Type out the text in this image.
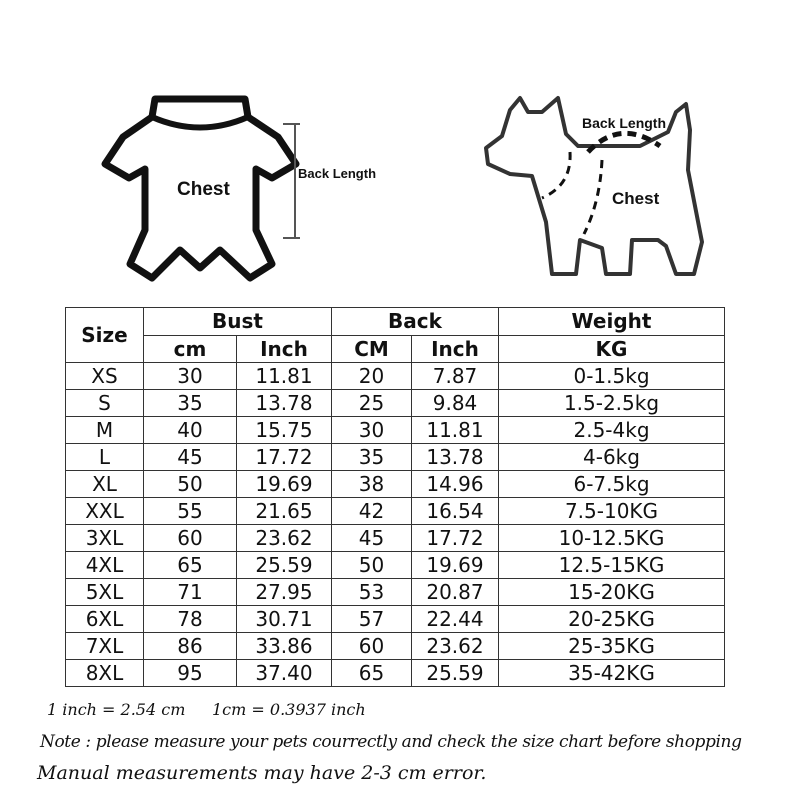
Chest
Back Length
Back Length
Chest
Size	Bust		Back		Weight
	cm	Inch	CM	Inch	KG
XS	30	11.81	20	7.87	0-1.5kg
S	35	13.78	25	9.84	1.5-2.5kg
M	40	15.75	30	11.81	2.5-4kg
L	45	17.72	35	13.78	4-6kg
XL	50	19.69	38	14.96	6-7.5kg
XXL	55	21.65	42	16.54	7.5-10KG
3XL	60	23.62	45	17.72	10-12.5KG
4XL	65	25.59	50	19.69	12.5-15KG
5XL	71	27.95	53	20.87	15-20KG
6XL	78	30.71	57	22.44	20-25KG
7XL	86	33.86	60	23.62	25-35KG
8XL	95	37.40	65	25.59	35-42KG
1 inch = 2.54 cm 1cm = 0.3937 inch
Note : please measure your pets courrectly and check the size chart before shopping
Manual measurements may have 2-3 cm error.
